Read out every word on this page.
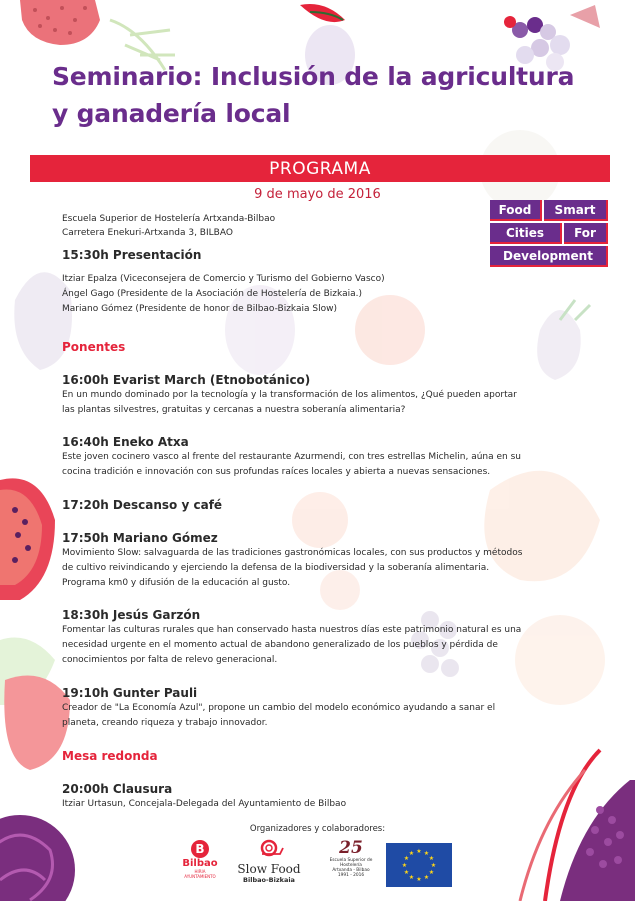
Seminario: Inclusión de la agricultura
y ganadería local
PROGRAMA
9 de mayo de 2016
Escuela Superior de Hostelería Artxanda-Bilbao
Carretera Enekuri-Artxanda 3, BILBAO
Food	Smart
Cities	For
Development
15:30h Presentación
Itziar Epalza (Viceconsejera de Comercio y Turismo del Gobierno Vasco)
Ángel Gago (Presidente de la Asociación de Hostelería de Bizkaia.)
Mariano Gómez (Presidente de honor de Bilbao-Bizkaia Slow)
Ponentes
16:00h Evarist March (Etnobotánico)
En un mundo dominado por la tecnología y la transformación de los alimentos, ¿Qué pueden aportar
las plantas silvestres, gratuitas y cercanas a nuestra soberanía alimentaria?
16:40h Eneko Atxa
Este joven cocinero vasco al frente del restaurante Azurmendi, con tres estrellas Michelin, aúna en su
cocina tradición e innovación con sus profundas raíces locales y abierta a nuevas sensaciones.
17:20h Descanso y café
17:50h Mariano Gómez
Movimiento Slow: salvaguarda de las tradiciones gastronómicas locales, con sus productos y métodos
de cultivo reivindicando y ejerciendo la defensa de la biodiversidad y la soberanía alimentaria.
Programa km0 y difusión de la educación al gusto.
18:30h Jesús Garzón
Fomentar las culturas rurales que han conservado hasta nuestros días este patrimonio natural es una
necesidad urgente en el momento actual de abandono generalizado de los pueblos y pérdida de
conocimientos por falta de relevo generacional.
19:10h Gunter Pauli
Creador de "La Economía Azul", propone un cambio del modelo económico ayudando a sanar el
planeta, creando riqueza y trabajo innovador.
Mesa redonda
20:00h Clausura
Itziar Urtasun, Concejala-Delegada del Ayuntamiento de Bilbao
Organizadores y colaboradores:
B
Bilbao
HIRIA
AYUNTAMIENTO
Slow Food
Bilbao-Bizkaia
25
Escuela Superior de Hostelería
Artxanda - Bilbao
1991 - 2016
★ ★
★
★
★
★
★
★
★
★
★
★
